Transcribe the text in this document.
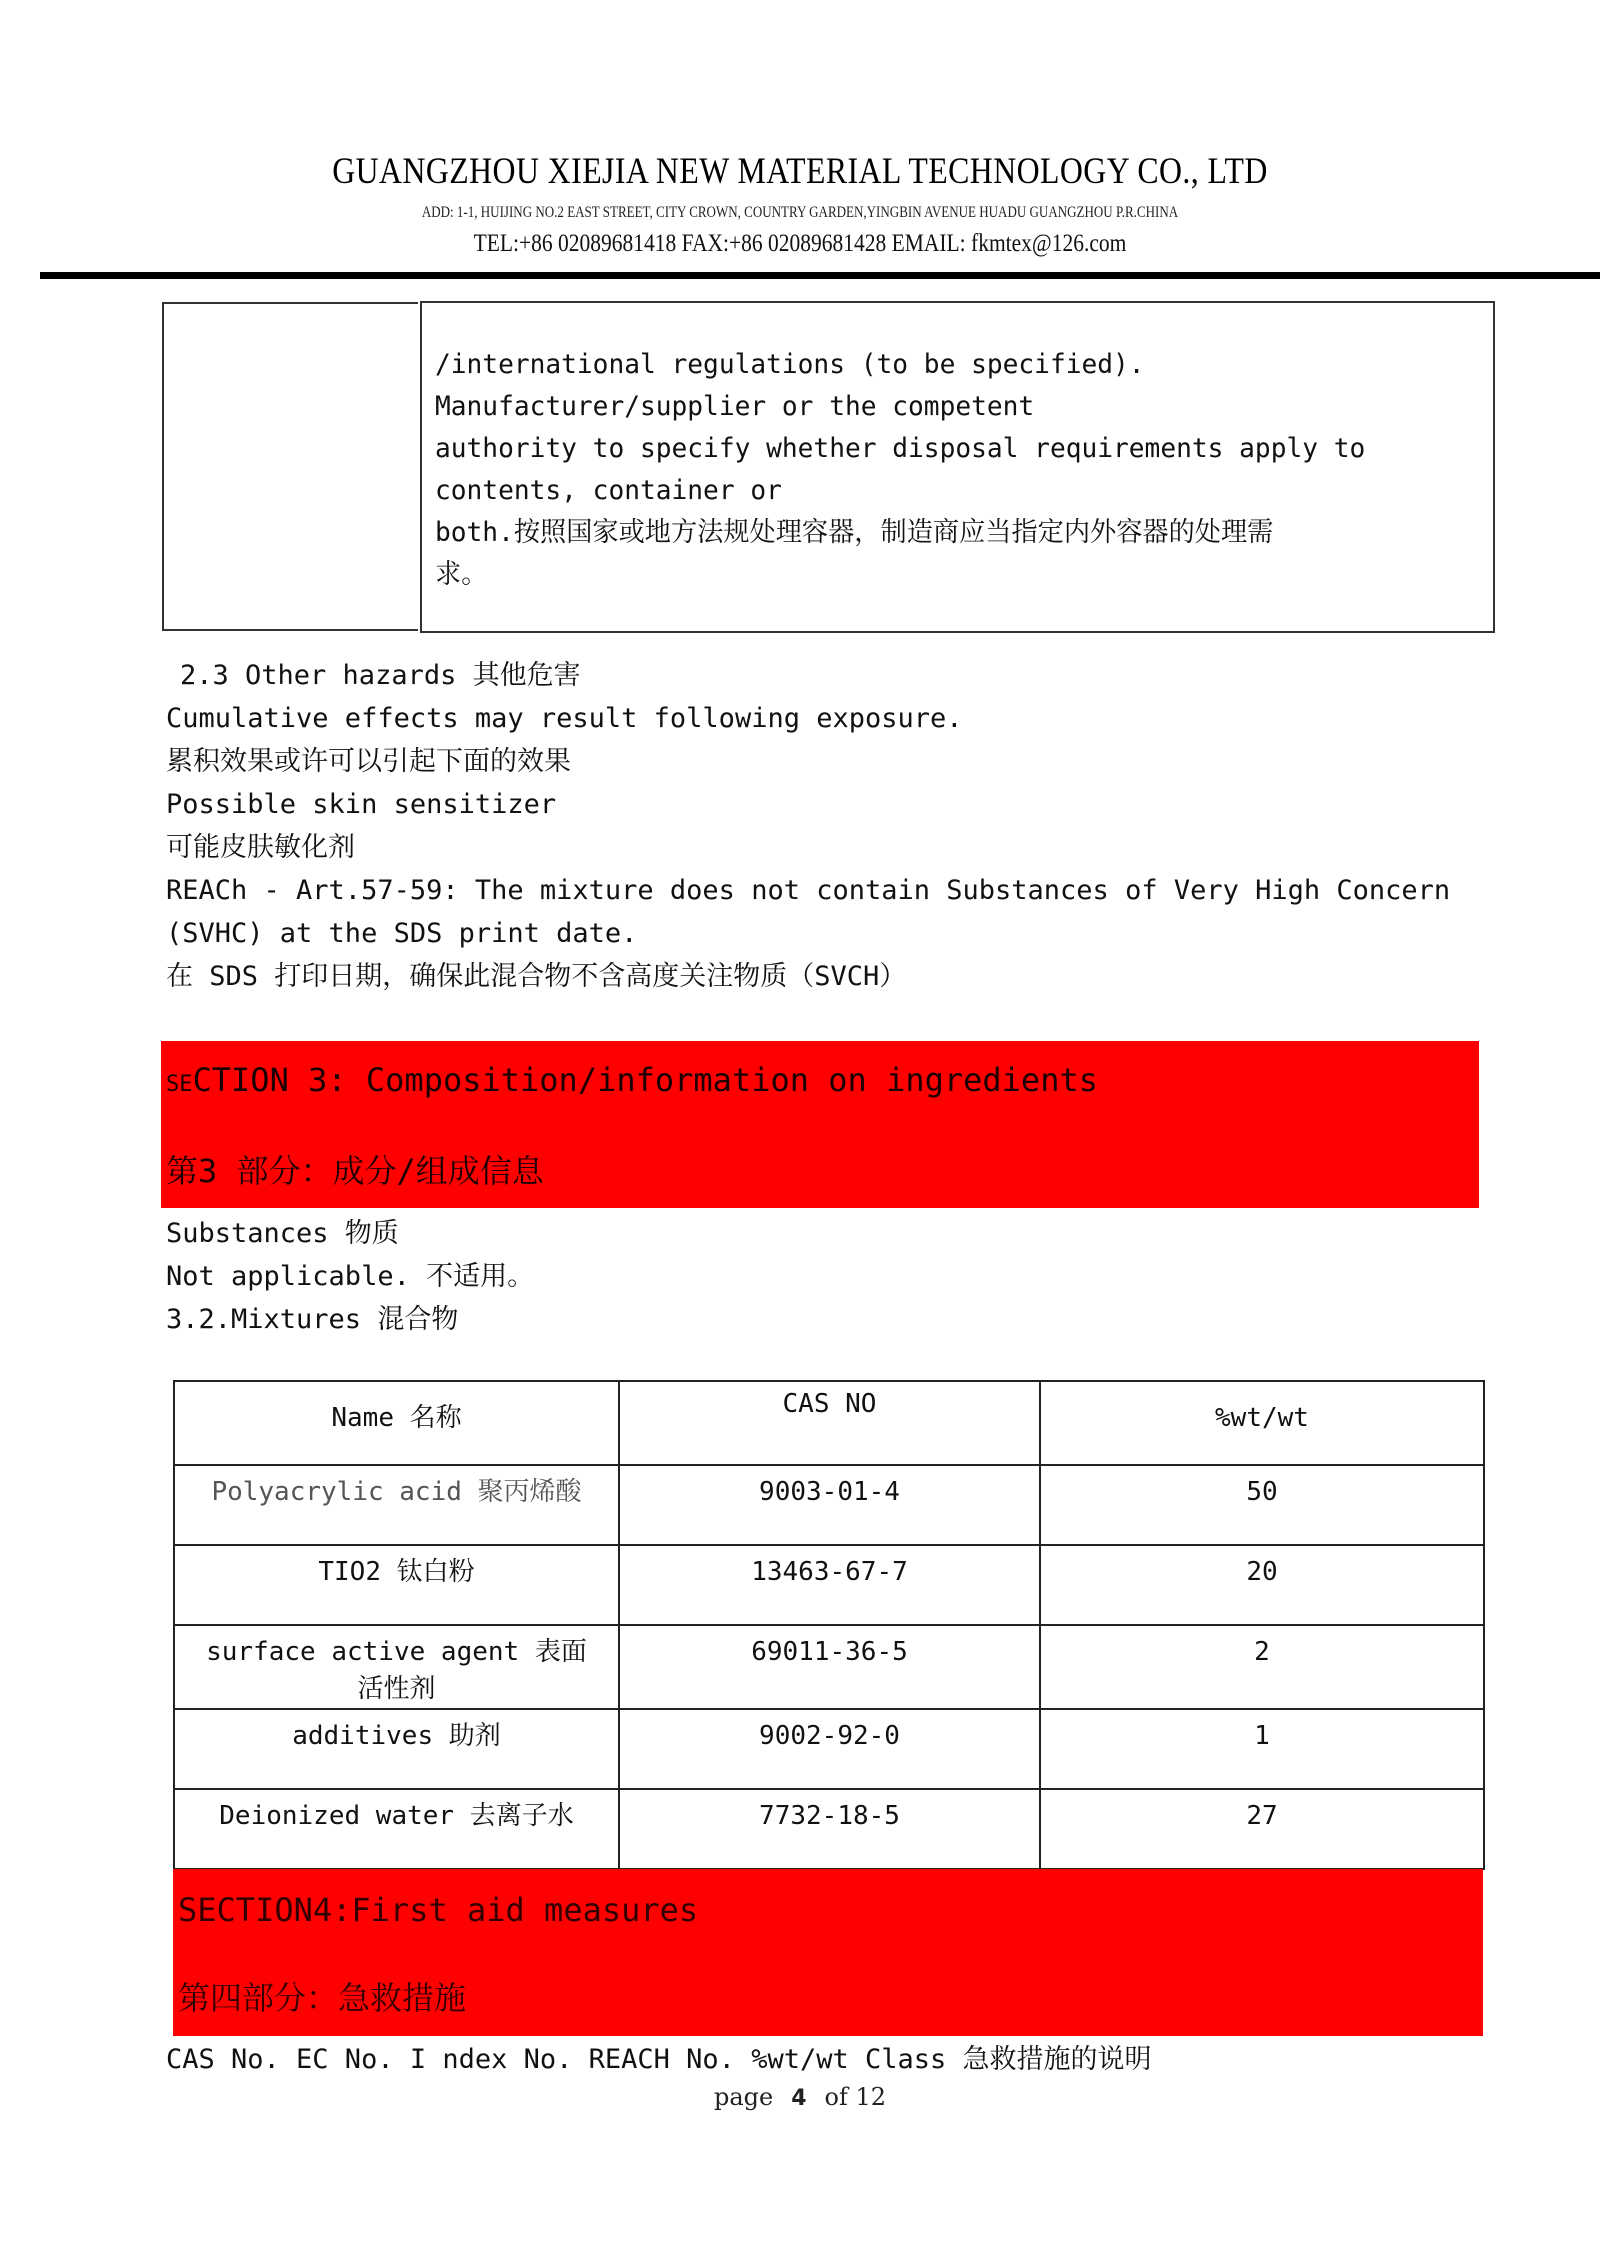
GUANGZHOU XIEJIA NEW MATERIAL TECHNOLOGY CO., LTD
ADD: 1-1, HUIJING NO.2 EAST STREET, CITY CROWN, COUNTRY GARDEN,YINGBIN AVENUE HUADU GUANGZHOU P.R.CHINA
TEL:+86 02089681418 FAX:+86 02089681428 EMAIL: fkmtex@126.com
/international regulations (to be specified).
Manufacturer/supplier or the competent
authority to specify whether disposal requirements apply to
contents, container or
both.按照国家或地方法规处理容器，制造商应当指定内外容器的处理需
求。
2.3 Other hazards 其他危害
Cumulative effects may result following exposure.
累积效果或许可以引起下面的效果
Possible skin sensitizer
可能皮肤敏化剂
REACh - Art.57-59: The mixture does not contain Substances of Very High Concern
(SVHC) at the SDS print date.
在 SDS 打印日期，确保此混合物不含高度关注物质（SVCH）
SECTION 3: Composition/information on ingredients
第3 部分：成分/组成信息
Substances 物质
Not applicable. 不适用。
3.2.Mixtures 混合物
Name 名称	CAS NO	%wt/wt
Polyacrylic acid 聚丙烯酸	9003-01-4	50
TIO2 钛白粉	13463-67-7	20
surface active agent 表面活性剂	69011-36-5	2
additives 助剂	9002-92-0	1
Deionized water 去离子水	7732-18-5	27
SECTION4:First aid measures
第四部分：急救措施
CAS No. EC No. I ndex No. REACH No. %wt/wt Class 急救措施的说明
page 4 of 12
